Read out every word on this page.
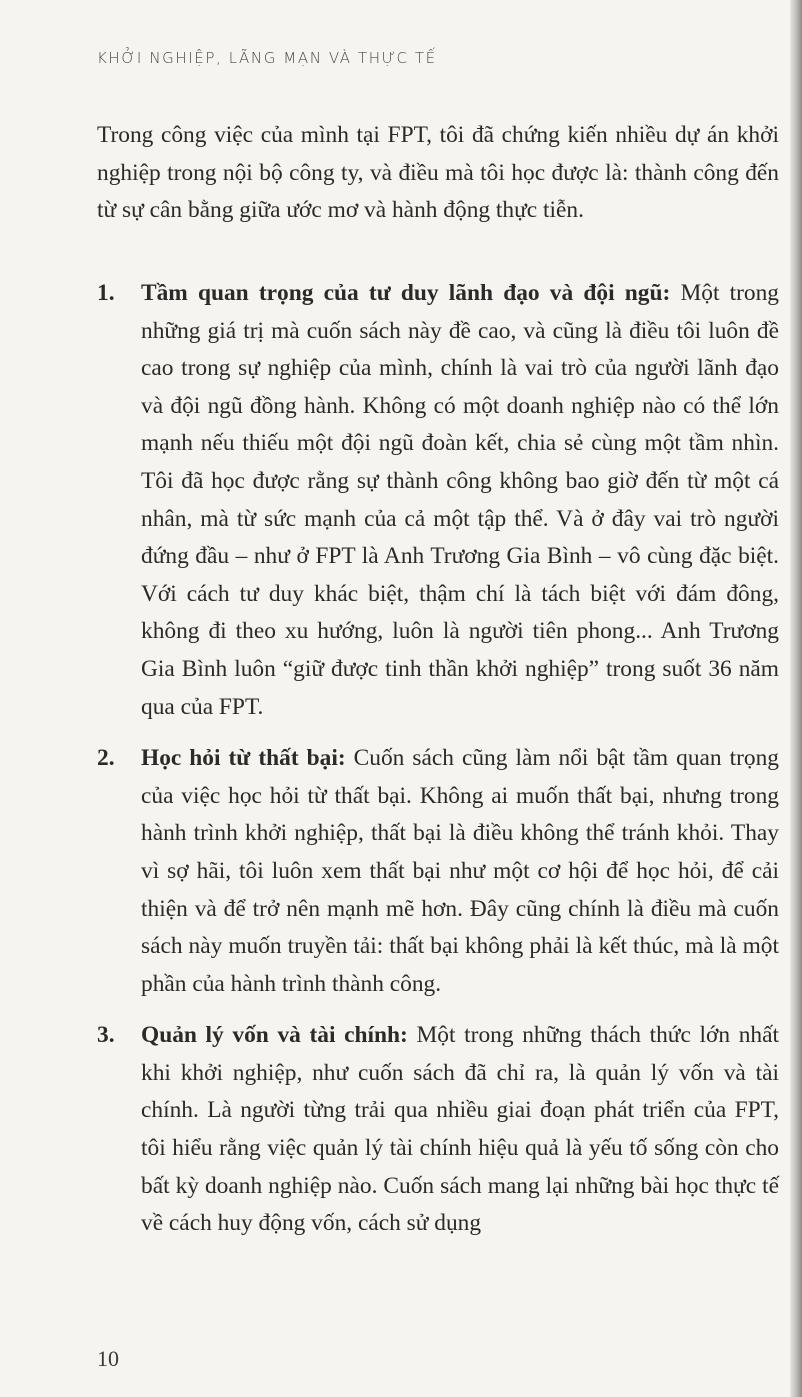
KHỞI NGHIỆP, LÃNG MẠN VÀ THỰC TẾ

Trong công việc của mình tại FPT, tôi đã chứng kiến nhiều dự án khởi nghiệp trong nội bộ công ty, và điều mà tôi học được là: thành công đến từ sự cân bằng giữa ước mơ và hành động thực tiễn.

1. Tầm quan trọng của tư duy lãnh đạo và đội ngũ: Một trong những giá trị mà cuốn sách này đề cao, và cũng là điều tôi luôn đề cao trong sự nghiệp của mình, chính là vai trò của người lãnh đạo và đội ngũ đồng hành. Không có một doanh nghiệp nào có thể lớn mạnh nếu thiếu một đội ngũ đoàn kết, chia sẻ cùng một tầm nhìn. Tôi đã học được rằng sự thành công không bao giờ đến từ một cá nhân, mà từ sức mạnh của cả một tập thể. Và ở đây vai trò người đứng đầu – như ở FPT là Anh Trương Gia Bình – vô cùng đặc biệt. Với cách tư duy khác biệt, thậm chí là tách biệt với đám đông, không đi theo xu hướng, luôn là người tiên phong... Anh Trương Gia Bình luôn “giữ được tinh thần khởi nghiệp” trong suốt 36 năm qua của FPT.
2. Học hỏi từ thất bại: Cuốn sách cũng làm nổi bật tầm quan trọng của việc học hỏi từ thất bại. Không ai muốn thất bại, nhưng trong hành trình khởi nghiệp, thất bại là điều không thể tránh khỏi. Thay vì sợ hãi, tôi luôn xem thất bại như một cơ hội để học hỏi, để cải thiện và để trở nên mạnh mẽ hơn. Đây cũng chính là điều mà cuốn sách này muốn truyền tải: thất bại không phải là kết thúc, mà là một phần của hành trình thành công.
3. Quản lý vốn và tài chính: Một trong những thách thức lớn nhất khi khởi nghiệp, như cuốn sách đã chỉ ra, là quản lý vốn và tài chính. Là người từng trải qua nhiều giai đoạn phát triển của FPT, tôi hiểu rằng việc quản lý tài chính hiệu quả là yếu tố sống còn cho bất kỳ doanh nghiệp nào. Cuốn sách mang lại những bài học thực tế về cách huy động vốn, cách sử dụng
10
